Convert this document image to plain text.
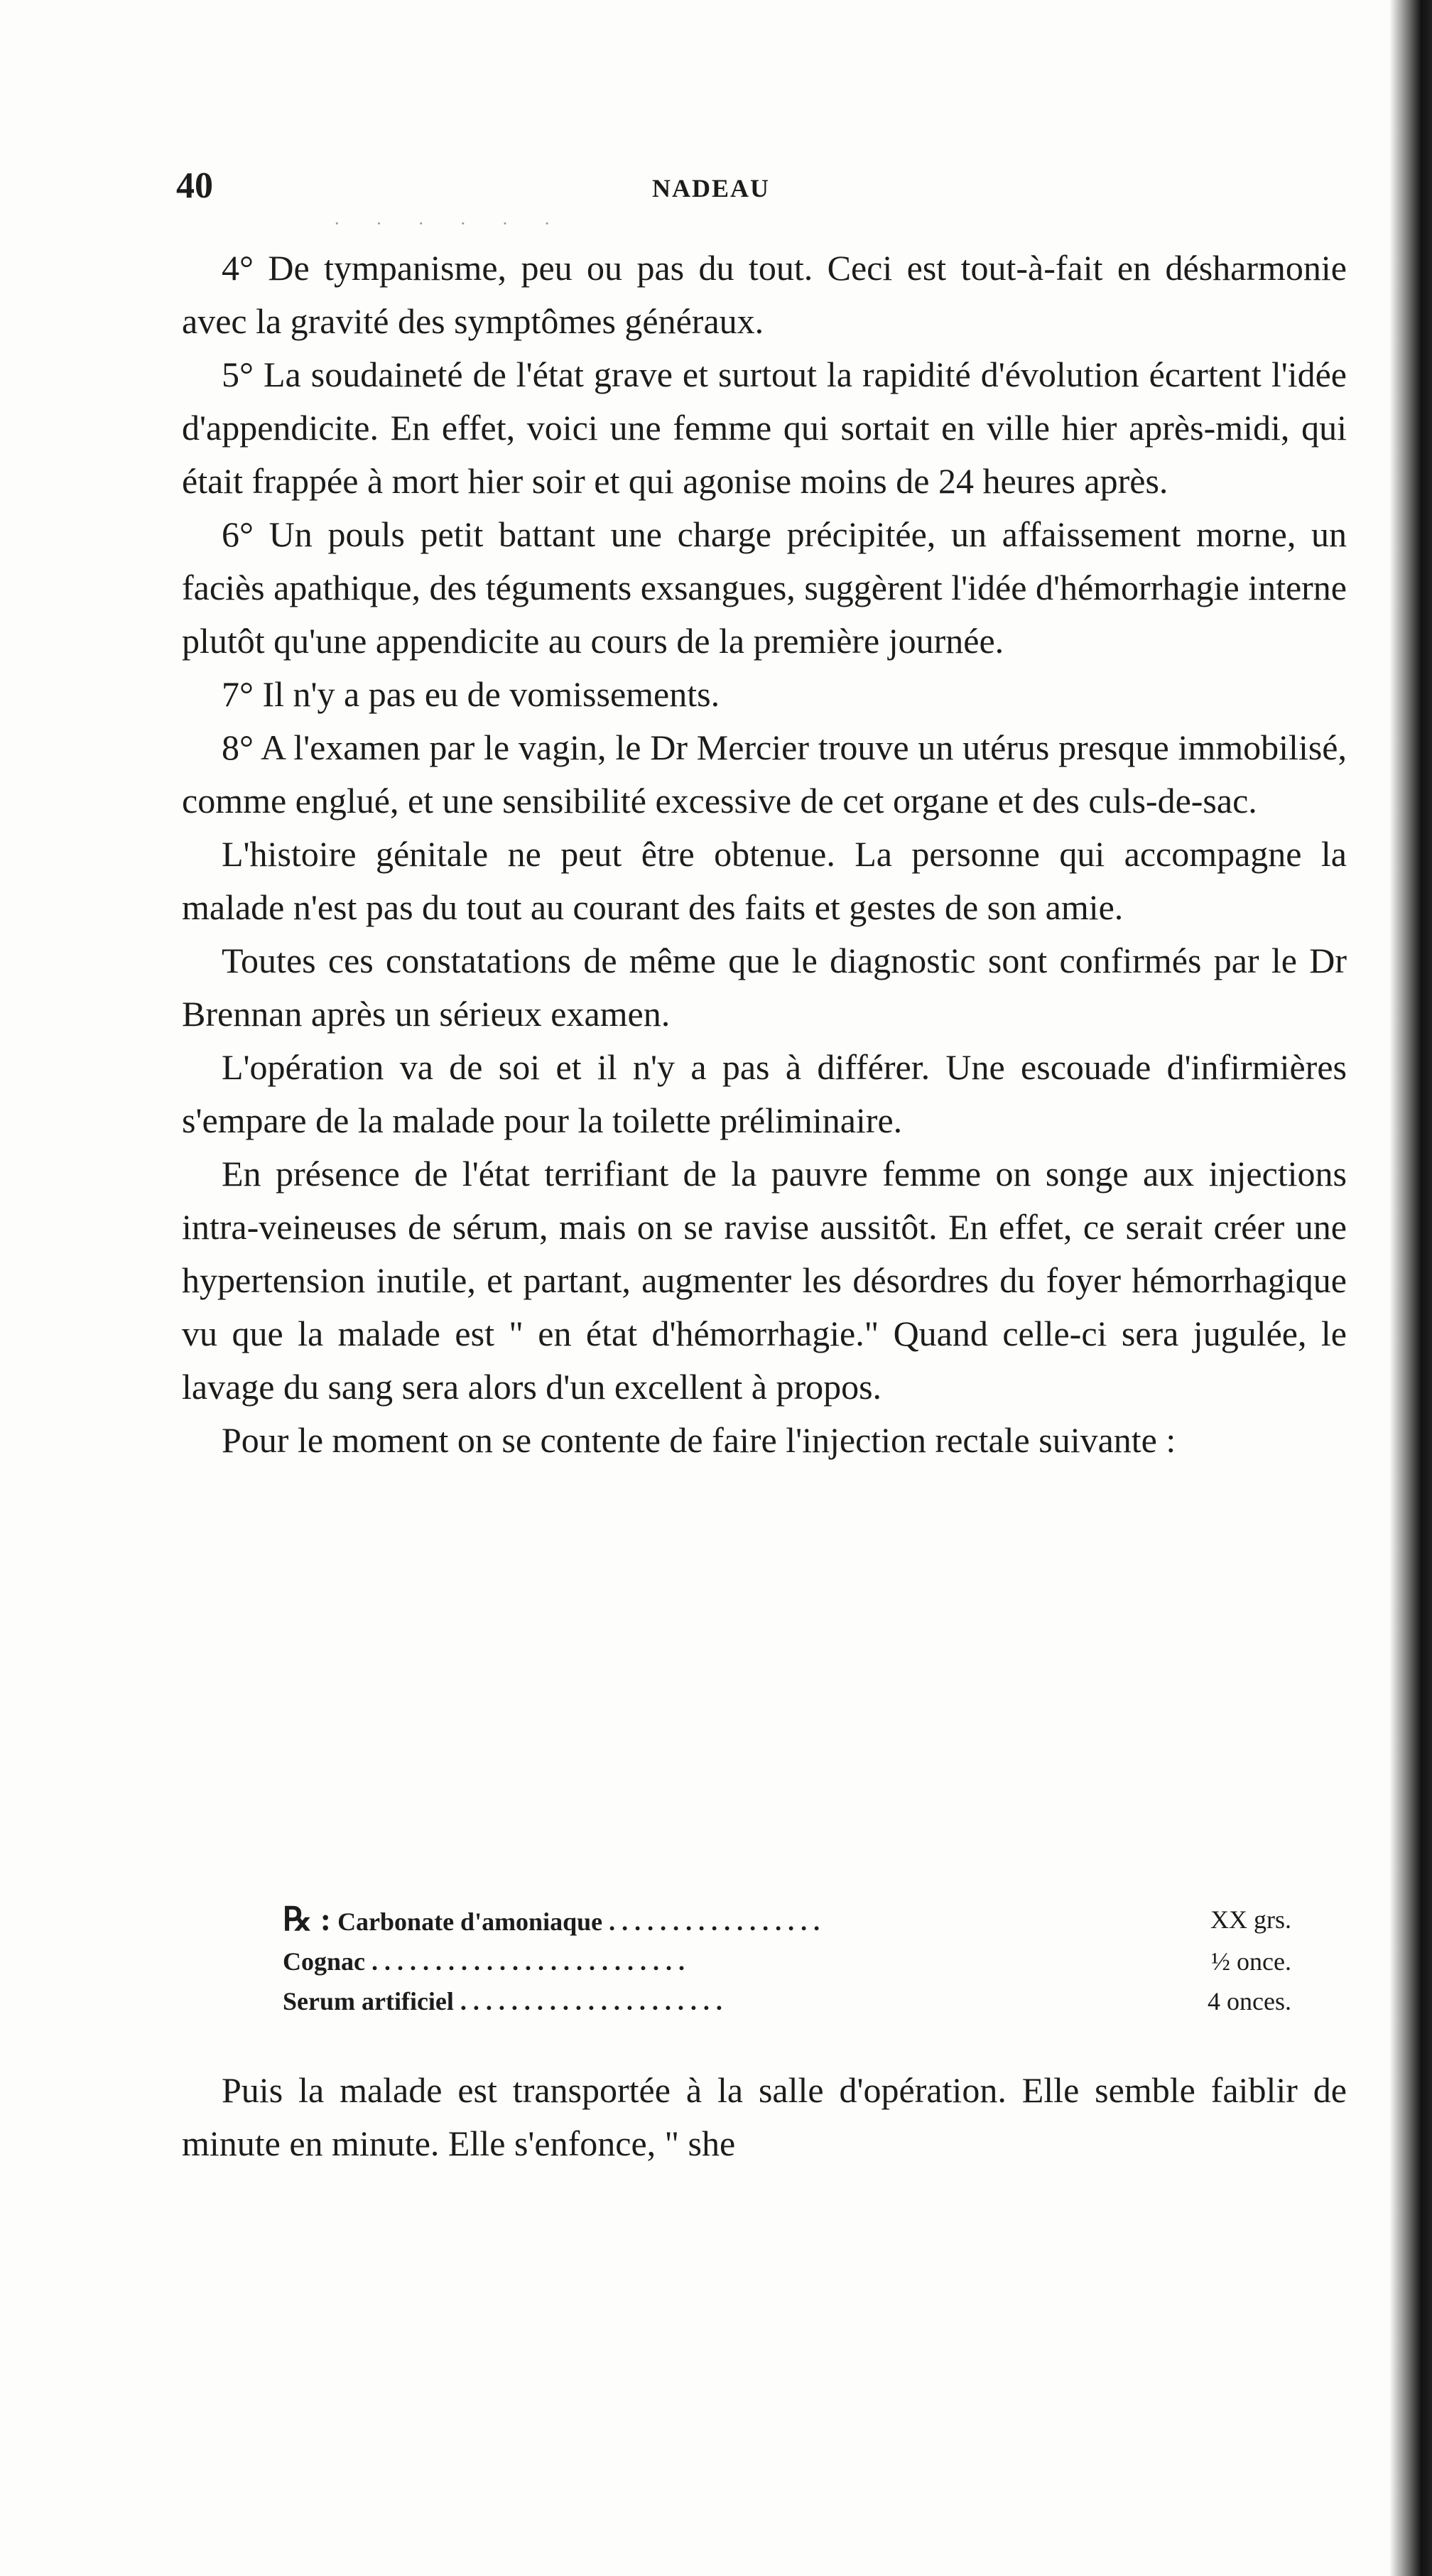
40	NADEAU
· · · · · ·

4° De tympanisme, peu ou pas du tout. Ceci est tout-à-fait en désharmonie avec la gravité des symptômes généraux.

5° La soudaineté de l'état grave et surtout la rapidité d'évolution écartent l'idée d'appendicite. En effet, voici une femme qui sortait en ville hier après-midi, qui était frappée à mort hier soir et qui agonise moins de 24 heures après.

6° Un pouls petit battant une charge précipitée, un affaissement morne, un faciès apathique, des téguments exsangues, suggèrent l'idée d'hémorrhagie interne plutôt qu'une appendicite au cours de la première journée.

7° Il n'y a pas eu de vomissements.

8° A l'examen par le vagin, le Dr Mercier trouve un utérus presque immobilisé, comme englué, et une sensibilité excessive de cet organe et des culs-de-sac.

L'histoire génitale ne peut être obtenue. La personne qui accompagne la malade n'est pas du tout au courant des faits et gestes de son amie.

Toutes ces constatations de même que le diagnostic sont confirmés par le Dr Brennan après un sérieux examen.

L'opération va de soi et il n'y a pas à différer. Une escouade d'infirmières s'empare de la malade pour la toilette préliminaire.

En présence de l'état terrifiant de la pauvre femme on songe aux injections intra-veineuses de sérum, mais on se ravise aussitôt. En effet, ce serait créer une hypertension inutile, et partant, augmenter les désordres du foyer hémorrhagique vu que la malade est " en état d'hémorrhagie." Quand celle-ci sera jugulée, le lavage du sang sera alors d'un excellent à propos.

Pour le moment on se contente de faire l'injection rectale suivante :

℞ : Carbonate d'amoniaque . . . . . . . . . . . . . . . . .	XX grs.
Cognac . . . . . . . . . . . . . . . . . . . . . . . . .	½ once.
Serum artificiel . . . . . . . . . . . . . . . . . . . . .	4 onces.

Puis la malade est transportée à la salle d'opération. Elle semble faiblir de minute en minute. Elle s'enfonce, " she
